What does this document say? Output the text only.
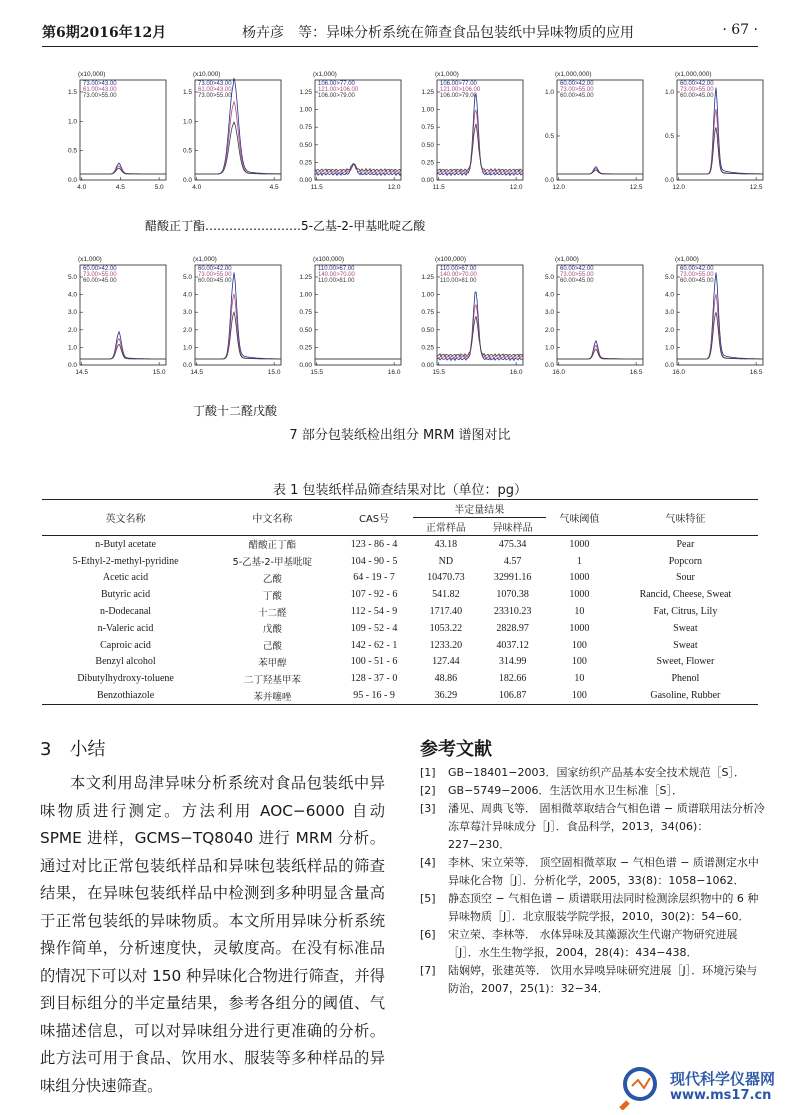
第6期2016年12月	杨卉彦　等：异味分析系统在筛查食品包装纸中异味物质的应用	· 67 ·
(x10,000)
73.00>43.00
61.00>43.00
73.00>55.00
1.5
1.0
0.5
0.0
4.0	4.5	5.0
(x10,000)
73.00>43.00
61.00>43.00
73.00>55.00
1.5
1.0
0.5
0.0
4.0	4.5
(x1,000)
106.00>77.00
121.00>106.00
106.00>79.00
1.25
1.00
0.75
0.50
0.25
0.00
11.5	12.0
(x1,000)
106.00>77.00
121.00>106.00
106.00>79.00
1.25
1.00
0.75
0.50
0.25
0.00
11.5	12.0
(x1,000,000)
60.00>42.00
73.00>55.00
60.00>45.00
1.0
0.5
0.0
12.0	12.5
(x1,000,000)
60.00>42.00
73.00>55.00
60.00>45.00
1.0
0.5
0.0
12.0	12.5
(x1,000)
60.00>42.00
73.00>55.00
60.00>45.00
5.0
4.0
3.0
2.0
1.0
0.0
14.5	15.0
(x1,000)
60.00>42.00
73.00>55.00
60.00>45.00
5.0
4.0
3.0
2.0
1.0
0.0
14.5	15.0
(x100,000)
110.00>67.00
140.00>70.00
110.00>81.00
1.25
1.00
0.75
0.50
0.25
0.00
15.5	16.0
(x100,000)
110.00>67.00
140.00>70.00
110.00>81.00
1.25
1.00
0.75
0.50
0.25
0.00
15.5	16.0
(x1,000)
60.00>42.00
73.00>55.00
60.00>45.00
5.0
4.0
3.0
2.0
1.0
0.0
16.0	16.5
(x1,000)
60.00>42.00
73.00>55.00
60.00>45.00
5.0
4.0
3.0
2.0
1.0
0.0
16.0	16.5
醋酸正丁酯……………………5-乙基-2-甲基吡啶乙酸
丁酸十二醛戊酸
7 部分包装纸检出组分 MRM 谱图对比
表 1 包装纸样品筛查结果对比（单位：pg）
英文名称	中文名称	CAS号	半定量结果		气味阈值	气味特征
			正常样品	异味样品		
n-Butyl acetate	醋酸正丁酯	123 - 86 - 4	43.18	475.34	1000	Pear
5-Ethyl-2-methyl-pyridine	5-乙基-2-甲基吡啶	104 - 90 - 5	ND	4.57	1	Popcorn
Acetic acid	乙酸	64 - 19 - 7	10470.73	32991.16	1000	Sour
Butyric acid	丁酸	107 - 92 - 6	541.82	1070.38	1000	Rancid, Cheese, Sweat
n-Dodecanal	十二醛	112 - 54 - 9	1717.40	23310.23	10	Fat, Citrus, Lily
n-Valeric acid	戊酸	109 - 52 - 4	1053.22	2828.97	1000	Sweat
Caproic acid	己酸	142 - 62 - 1	1233.20	4037.12	100	Sweat
Benzyl alcohol	苯甲醇	100 - 51 - 6	127.44	314.99	100	Sweet, Flower
Dibutylhydroxy-toluene	二丁羟基甲苯	128 - 37 - 0	48.86	182.66	10	Phenol
Benzothiazole	苯并噻唑	95 - 16 - 9	36.29	106.87	100	Gasoline, Rubber
3　小结
本文利用岛津异味分析系统对食品包装纸中异味物质进行测定。方法利用 AOC−6000 自动 SPME 进样，GCMS−TQ8040 进行 MRM 分析。通过对比正常包装纸样品和异味包装纸样品的筛查结果，在异味包装纸样品中检测到多种明显含量高于正常包装纸的异味物质。本文所用异味分析系统操作简单，分析速度快，灵敏度高。在没有标准品的情况下可以对 150 种异味化合物进行筛查，并得到目标组分的半定量结果，参考各组分的阈值、气味描述信息，可以对异味组分进行更准确的分析。此方法可用于食品、饮用水、服装等多种样品的异味组分快速筛查。
参考文献
[1]	GB−18401−2003．国家纺织产品基本安全技术规范［S］．
[2]	GB−5749−2006．生活饮用水卫生标准［S］．
[3]	潘见、周典飞等． 固相微萃取结合气相色谱 − 质谱联用法分析冷冻草莓汁异味成分［J］．食品科学，2013，34(06)：227−230．
[4]	李林、宋立荣等． 顶空固相微萃取 − 气相色谱 − 质谱测定水中异味化合物［J］．分析化学，2005，33(8)：1058−1062．
[5]	静态顶空 − 气相色谱 − 质谱联用法同时检测涂层织物中的 6 种异味物质［J］．北京服装学院学报，2010，30(2)：54−60．
[6]	宋立荣、李林等． 水体异味及其藻源次生代谢产物研究进展［J］．水生生物学报，2004，28(4)：434−438．
[7]	陆娴婷，张建英等． 饮用水异嗅异味研究进展［J］．环境污染与防治，2007，25(1)：32−34．
现代科学仪器网
www.ms17.cn
